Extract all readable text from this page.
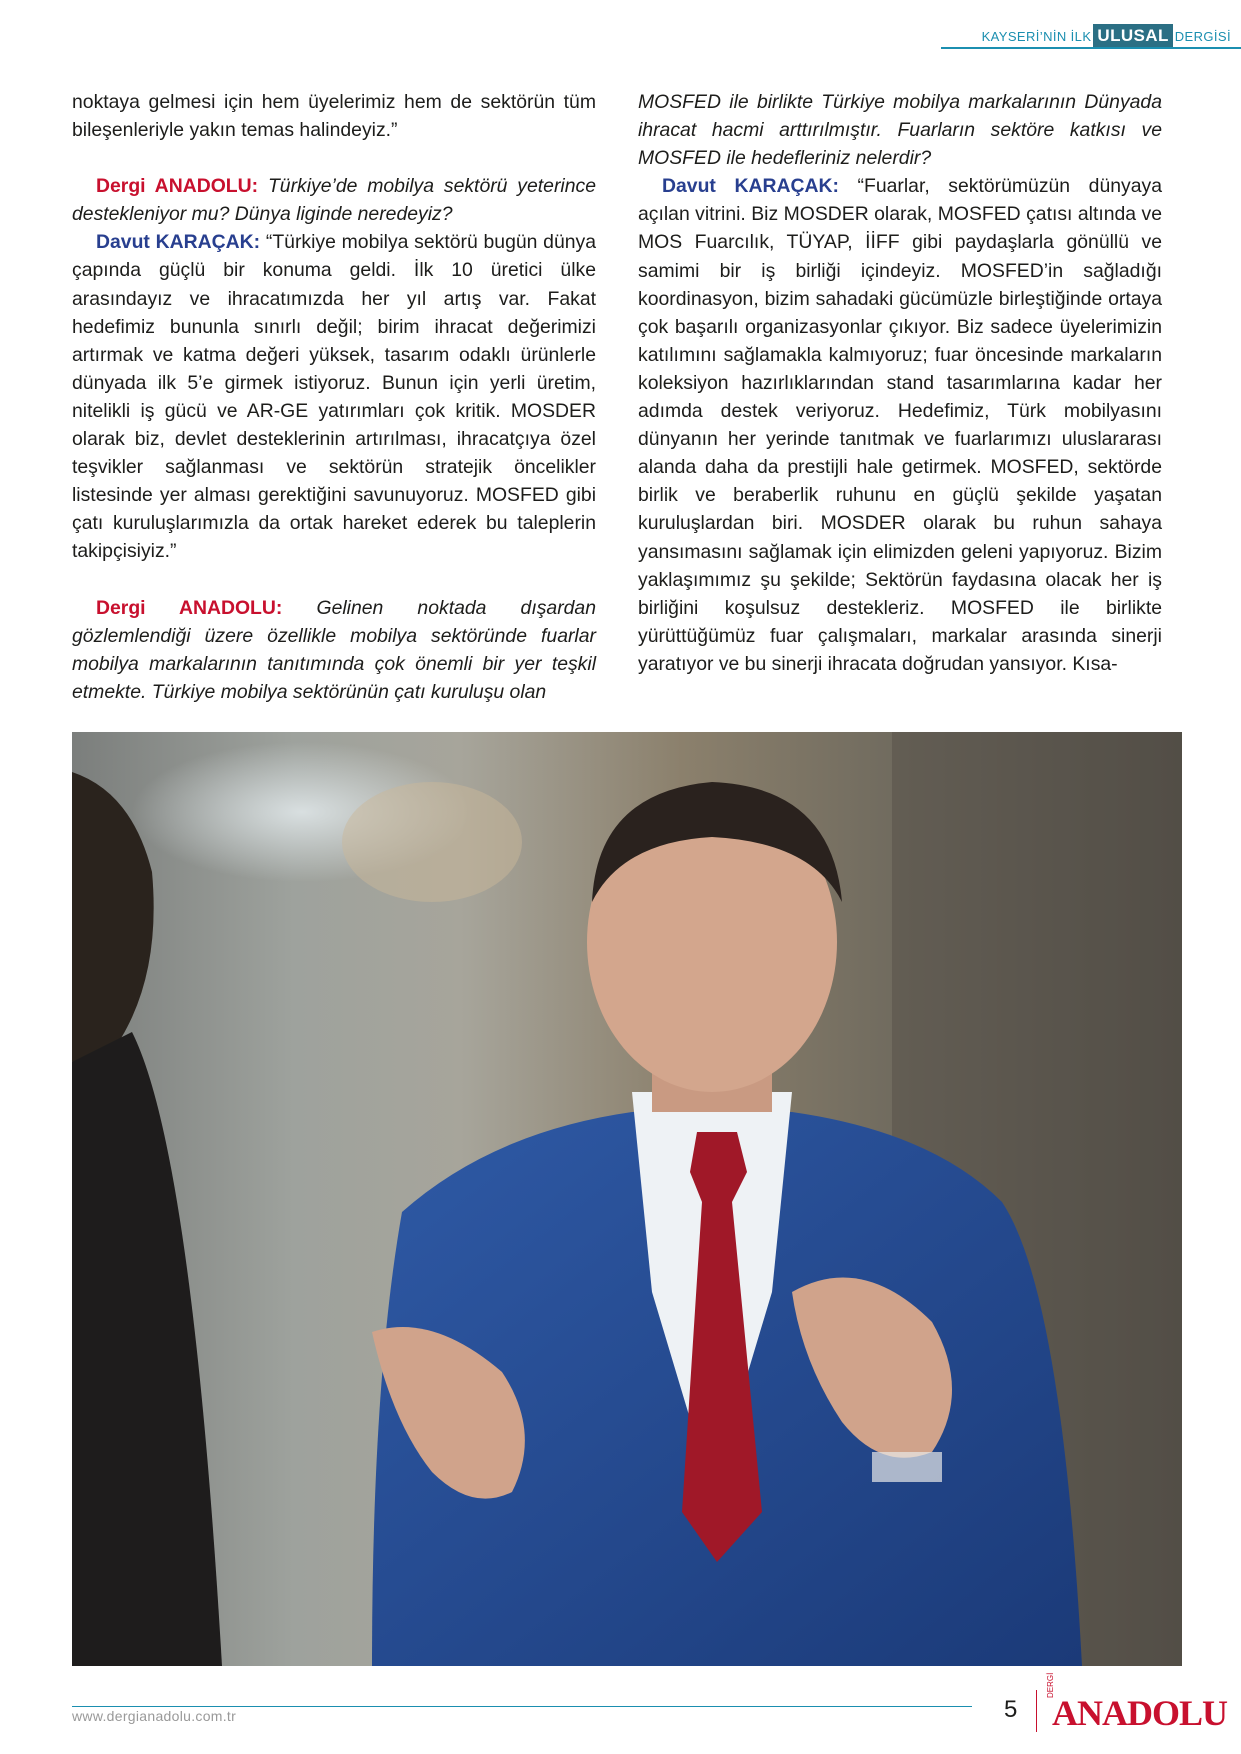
KAYSERİ’NİN İLK ULUSAL DERGİSİ

noktaya gelmesi için hem üyelerimiz hem de sektörün tüm bileşenleriyle yakın temas halindeyiz.”

Dergi ANADOLU: Türkiye’de mobilya sektörü yeterince destekleniyor mu? Dünya liginde neredeyiz?

Davut KARAÇAK: “Türkiye mobilya sektörü bugün dünya çapında güçlü bir konuma geldi. İlk 10 üretici ülke arasındayız ve ihracatımızda her yıl artış var. Fakat hedefimiz bununla sınırlı değil; birim ihracat değerimizi artırmak ve katma değeri yüksek, tasarım odaklı ürünlerle dünyada ilk 5’e girmek istiyoruz. Bunun için yerli üretim, nitelikli iş gücü ve AR-GE yatırımları çok kritik. MOSDER olarak biz, devlet desteklerinin artırılması, ihracatçıya özel teşvikler sağlanması ve sektörün stratejik öncelikler listesinde yer alması gerektiğini savunuyoruz. MOSFED gibi çatı kuruluşlarımızla da ortak hareket ederek bu taleplerin takipçisiyiz.”

Dergi ANADOLU: Gelinen noktada dışardan gözlemlendiği üzere özellikle mobilya sektöründe fuarlar mobilya markalarının tanıtımında çok önemli bir yer teşkil etmekte. Türkiye mobilya sektörünün çatı kuruluşu olan

MOSFED ile birlikte Türkiye mobilya markalarının Dünyada ihracat hacmi arttırılmıştır. Fuarların sektöre katkısı ve MOSFED ile hedefleriniz nelerdir?

Davut KARAÇAK: “Fuarlar, sektörümüzün dünyaya açılan vitrini. Biz MOSDER olarak, MOSFED çatısı altında ve MOS Fuarcılık, TÜYAP, İİFF gibi paydaşlarla gönüllü ve samimi bir iş birliği içindeyiz. MOSFED’in sağladığı koordinasyon, bizim sahadaki gücümüzle birleştiğinde ortaya çok başarılı organizasyonlar çıkıyor. Biz sadece üyelerimizin katılımını sağlamakla kalmıyoruz; fuar öncesinde markaların koleksiyon hazırlıklarından stand tasarımlarına kadar her adımda destek veriyoruz. Hedefimiz, Türk mobilyasını dünyanın her yerinde tanıtmak ve fuarlarımızı uluslararası alanda daha da prestijli hale getirmek. MOSFED, sektörde birlik ve beraberlik ruhunu en güçlü şekilde yaşatan kuruluşlardan biri. MOSDER olarak bu ruhun sahaya yansımasını sağlamak için elimizden geleni yapıyoruz. Bizim yaklaşımımız şu şekilde; Sektörün faydasına olacak her iş birliğini koşulsuz destekleriz. MOSFED ile birlikte yürüttüğümüz fuar çalışmaları, markalar arasında sinerji yaratıyor ve bu sinerji ihracata doğrudan yansıyor. Kısa-

www.dergianadolu.com.tr	5
DERGİ
ANADOLU
